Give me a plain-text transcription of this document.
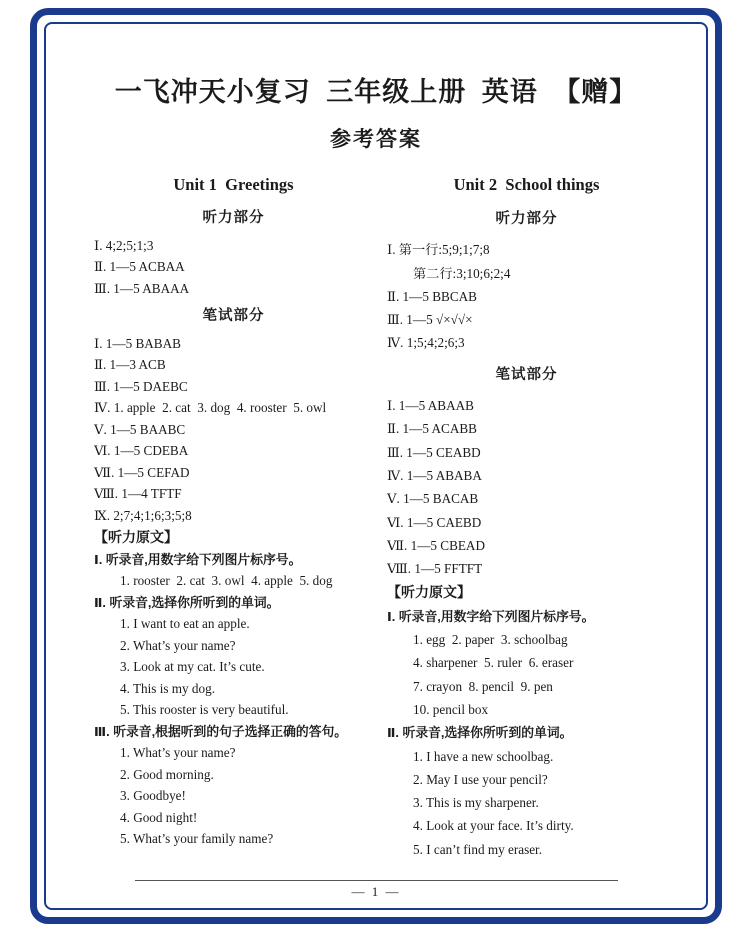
一飞冲天小复习  三年级上册  英语  【赠】
参考答案
Unit 1  Greetings
听力部分
Ⅰ. 4;2;5;1;3
Ⅱ. 1—5 ACBAA
Ⅲ. 1—5 ABAAA
笔试部分
Ⅰ. 1—5 BABAB
Ⅱ. 1—3 ACB
Ⅲ. 1—5 DAEBC
Ⅳ. 1. apple  2. cat  3. dog  4. rooster  5. owl
Ⅴ. 1—5 BAABC
Ⅵ. 1—5 CDEBA
Ⅶ. 1—5 CEFAD
Ⅷ. 1—4 TFTF
Ⅸ. 2;7;4;1;6;3;5;8
【听力原文】
Ⅰ. 听录音,用数字给下列图片标序号。
1. rooster  2. cat  3. owl  4. apple  5. dog
Ⅱ. 听录音,选择你所听到的单词。
1. I want to eat an apple.
2. What’s your name?
3. Look at my cat. It’s cute.
4. This is my dog.
5. This rooster is very beautiful.
Ⅲ. 听录音,根据听到的句子选择正确的答句。
1. What’s your name?
2. Good morning.
3. Goodbye!
4. Good night!
5. What’s your family name?
Unit 2  School things
听力部分
Ⅰ. 第一行:5;9;1;7;8
第二行:3;10;6;2;4
Ⅱ. 1—5 BBCAB
Ⅲ. 1—5 √×√√×
Ⅳ. 1;5;4;2;6;3
笔试部分
Ⅰ. 1—5 ABAAB
Ⅱ. 1—5 ACABB
Ⅲ. 1—5 CEABD
Ⅳ. 1—5 ABABA
Ⅴ. 1—5 BACAB
Ⅵ. 1—5 CAEBD
Ⅶ. 1—5 CBEAD
Ⅷ. 1—5 FFTFT
【听力原文】
Ⅰ. 听录音,用数字给下列图片标序号。
1. egg  2. paper  3. schoolbag
4. sharpener  5. ruler  6. eraser
7. crayon  8. pencil  9. pen
10. pencil box
Ⅱ. 听录音,选择你所听到的单词。
1. I have a new schoolbag.
2. May I use your pencil?
3. This is my sharpener.
4. Look at your face. It’s dirty.
5. I can’t find my eraser.
— 1 —
